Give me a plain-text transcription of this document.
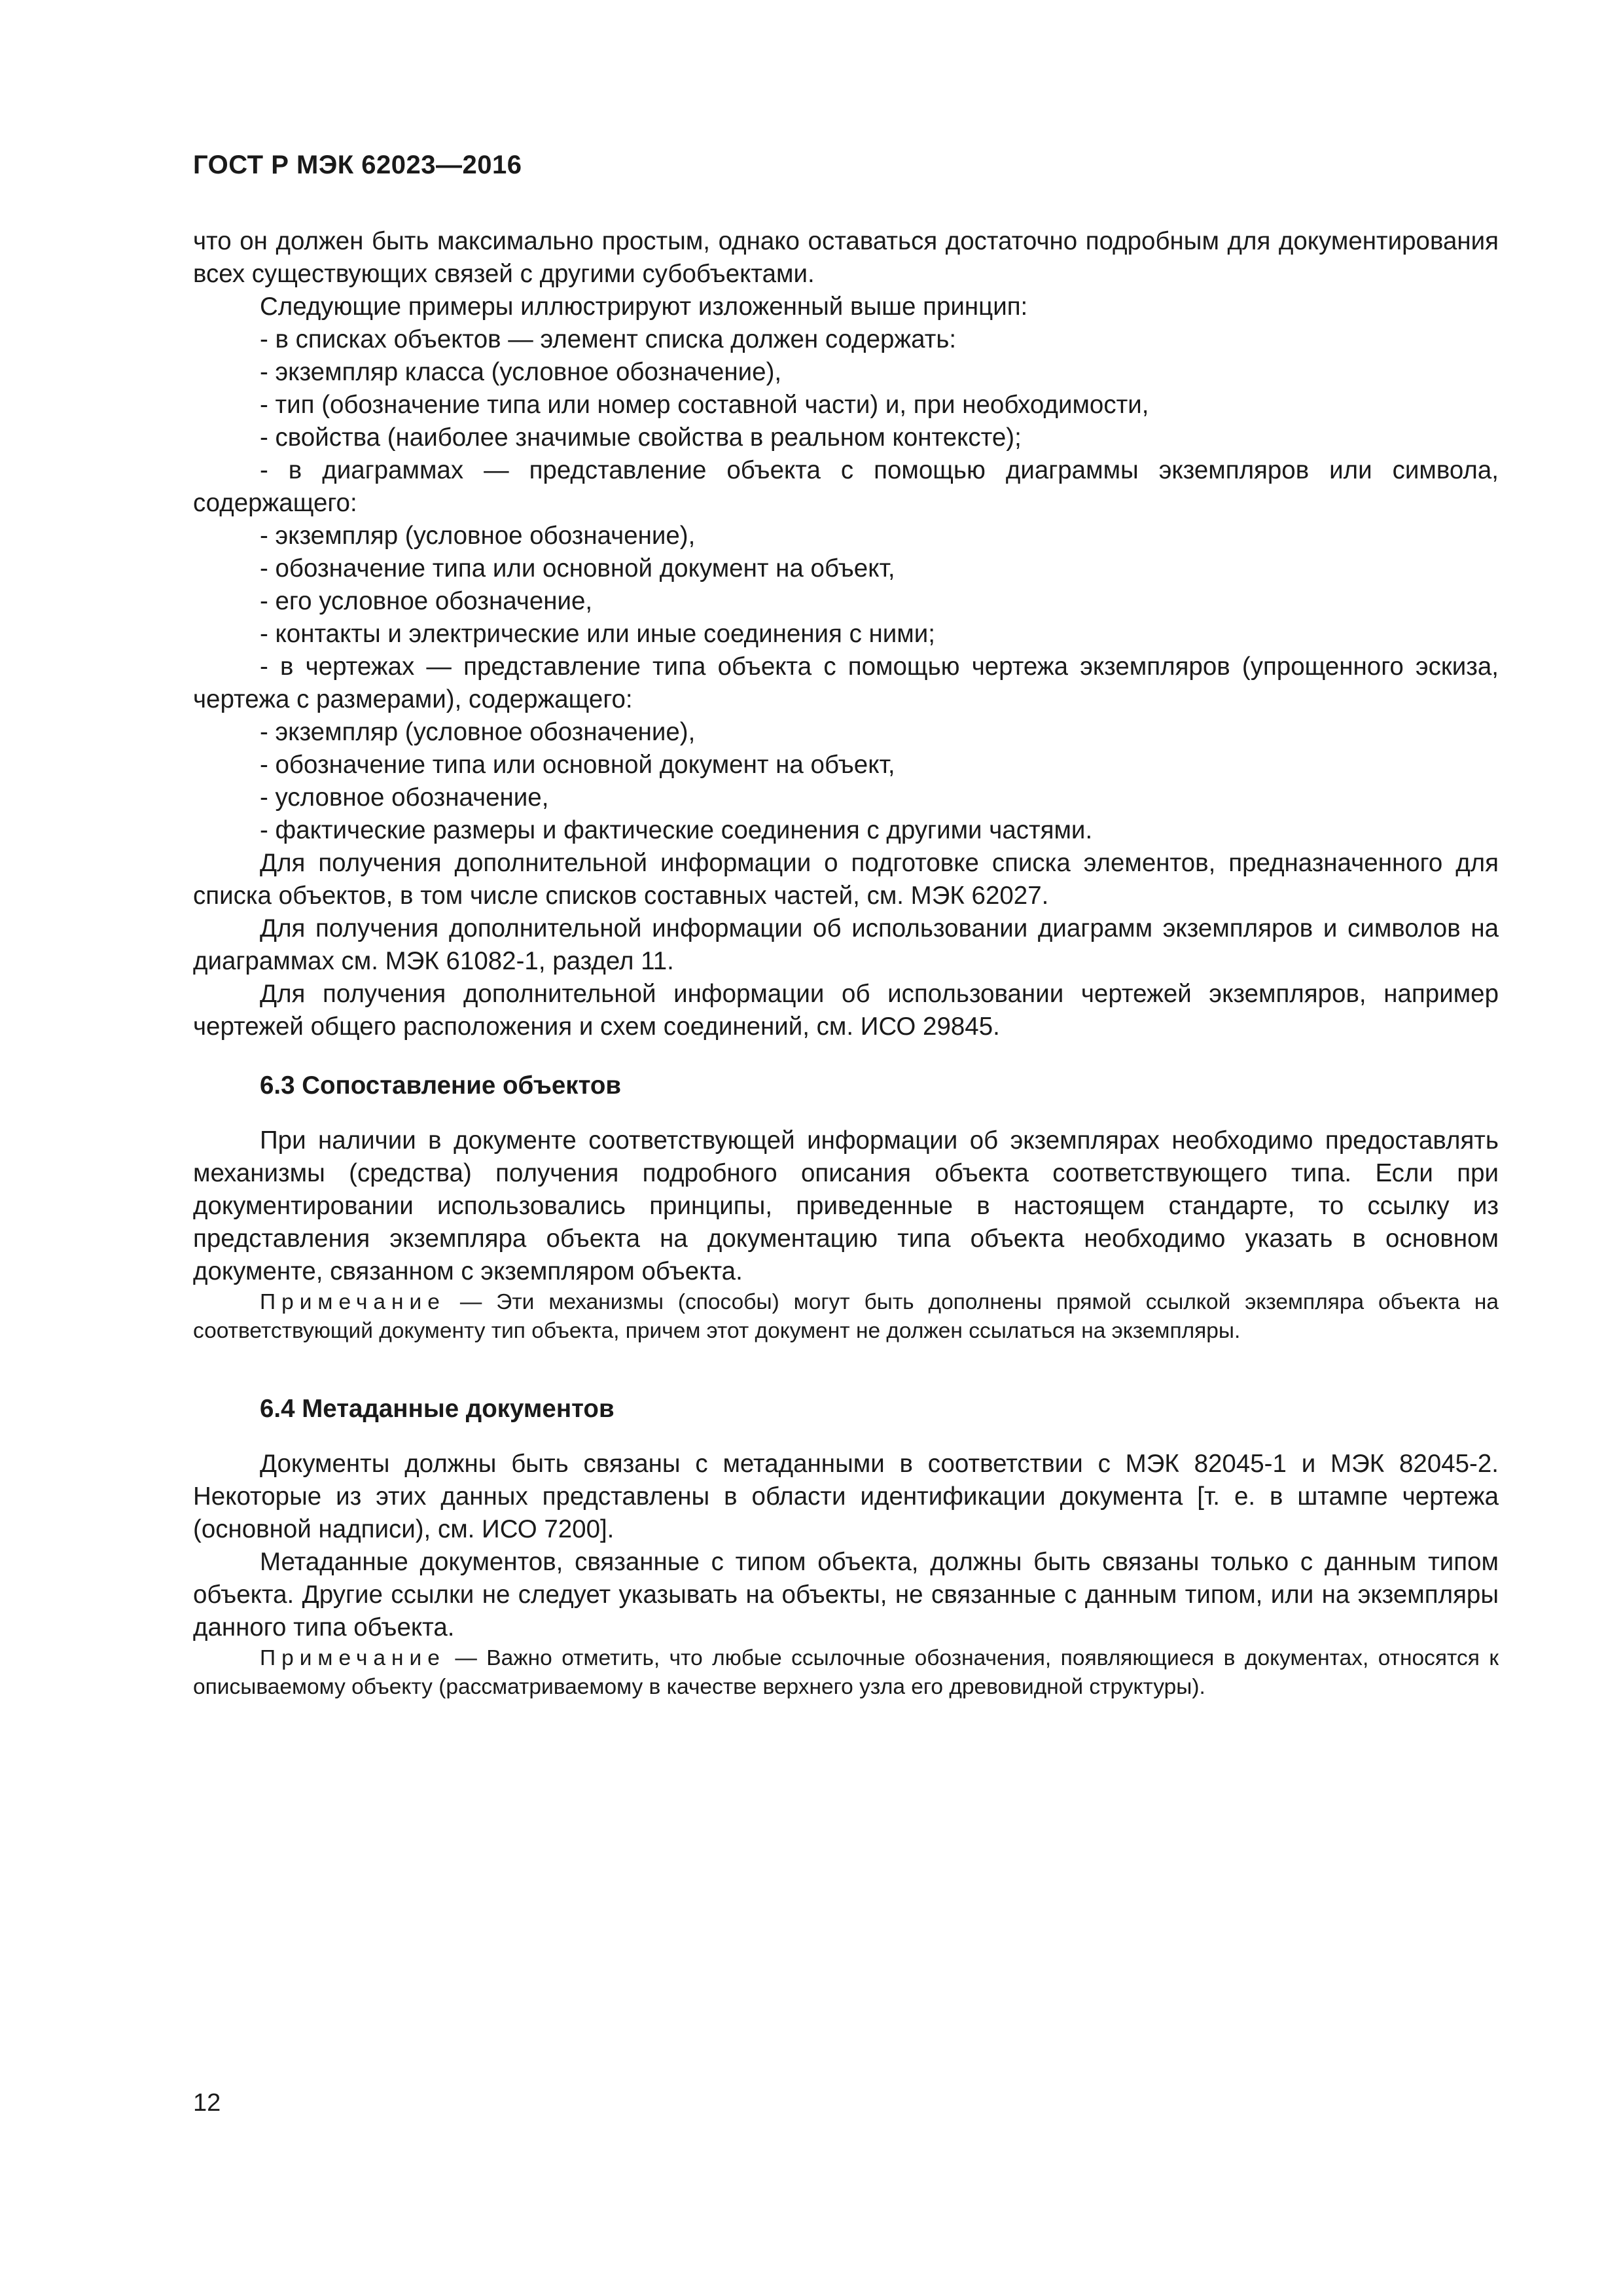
ГОСТ Р МЭК 62023—2016

что он должен быть максимально простым, однако оставаться достаточно подробным для документирования всех существующих связей с другими субобъектами.

Следующие примеры иллюстрируют изложенный выше принцип:

- в списках объектов — элемент списка должен содержать:

- экземпляр класса (условное обозначение),

- тип (обозначение типа или номер составной части) и, при необходимости,

- свойства (наиболее значимые свойства в реальном контексте);

- в диаграммах — представление объекта с помощью диаграммы экземпляров или символа, содержащего:

- экземпляр (условное обозначение),

- обозначение типа или основной документ на объект,

- его условное обозначение,

- контакты и электрические или иные соединения с ними;

- в чертежах — представление типа объекта с помощью чертежа экземпляров (упрощенного эскиза, чертежа с размерами), содержащего:

- экземпляр (условное обозначение),

- обозначение типа или основной документ на объект,

- условное обозначение,

- фактические размеры и фактические соединения с другими частями.

Для получения дополнительной информации о подготовке списка элементов, предназначенного для списка объектов, в том числе списков составных частей, см. МЭК 62027.

Для получения дополнительной информации об использовании диаграмм экземпляров и символов на диаграммах см. МЭК 61082-1, раздел 11.

Для получения дополнительной информации об использовании чертежей экземпляров, например чертежей общего расположения и схем соединений, см. ИСО 29845.

6.3 Сопоставление объектов

При наличии в документе соответствующей информации об экземплярах необходимо предоставлять механизмы (средства) получения подробного описания объекта соответствующего типа. Если при документировании использовались принципы, приведенные в настоящем стандарте, то ссылку из представления экземпляра объекта на документацию типа объекта необходимо указать в основном документе, связанном с экземпляром объекта.

Примечание — Эти механизмы (способы) могут быть дополнены прямой ссылкой экземпляра объекта на соответствующий документу тип объекта, причем этот документ не должен ссылаться на экземпляры.

6.4 Метаданные документов

Документы должны быть связаны с метаданными в соответствии с МЭК 82045-1 и МЭК 82045-2. Некоторые из этих данных представлены в области идентификации документа [т. е. в штампе чертежа (основной надписи), см. ИСО 7200].

Метаданные документов, связанные с типом объекта, должны быть связаны только с данным типом объекта. Другие ссылки не следует указывать на объекты, не связанные с данным типом, или на экземпляры данного типа объекта.

Примечание — Важно отметить, что любые ссылочные обозначения, появляющиеся в документах, относятся к описываемому объекту (рассматриваемому в качестве верхнего узла его древовидной структуры).

12
